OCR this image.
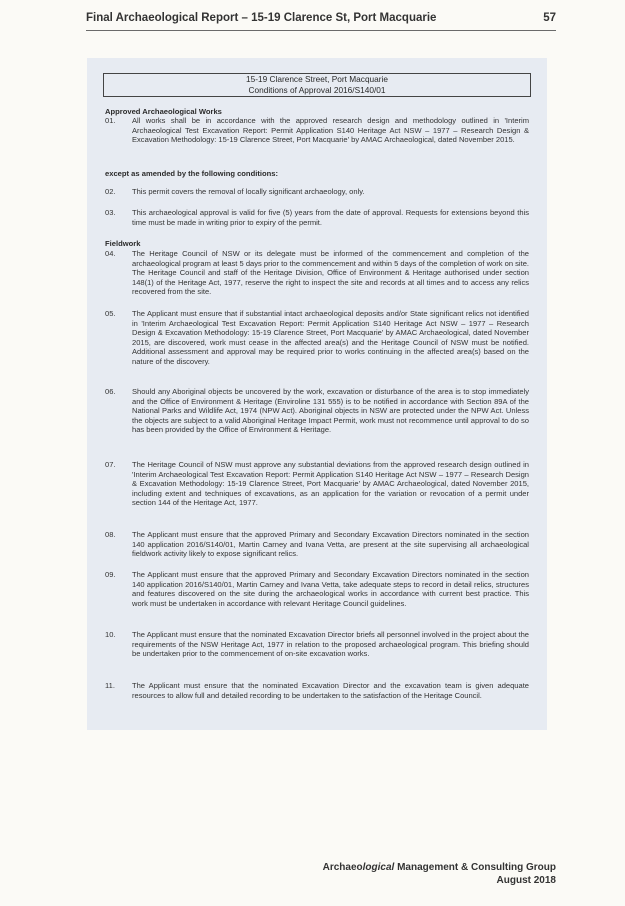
Final Archaeological Report – 15-19 Clarence St, Port Macquarie	57
15-19 Clarence Street, Port Macquarie
Conditions of Approval 2016/S140/01
Approved Archaeological Works
01.	All works shall be in accordance with the approved research design and methodology outlined in 'Interim Archaeological Test Excavation Report: Permit Application S140 Heritage Act NSW – 1977 – Research Design & Excavation Methodology: 15-19 Clarence Street, Port Macquarie' by AMAC Archaeological, dated November 2015.
except as amended by the following conditions:
02.	This permit covers the removal of locally significant archaeology, only.
03.	This archaeological approval is valid for five (5) years from the date of approval. Requests for extensions beyond this time must be made in writing prior to expiry of the permit.
Fieldwork
04.	The Heritage Council of NSW or its delegate must be informed of the commencement and completion of the archaeological program at least 5 days prior to the commencement and within 5 days of the completion of work on site. The Heritage Council and staff of the Heritage Division, Office of Environment & Heritage authorised under section 148(1) of the Heritage Act, 1977, reserve the right to inspect the site and records at all times and to access any relics recovered from the site.
05.	The Applicant must ensure that if substantial intact archaeological deposits and/or State significant relics not identified in 'Interim Archaeological Test Excavation Report: Permit Application S140 Heritage Act NSW – 1977 – Research Design & Excavation Methodology: 15-19 Clarence Street, Port Macquarie' by AMAC Archaeological, dated November 2015, are discovered, work must cease in the affected area(s) and the Heritage Council of NSW must be notified. Additional assessment and approval may be required prior to works continuing in the affected area(s) based on the nature of the discovery.
06.	Should any Aboriginal objects be uncovered by the work, excavation or disturbance of the area is to stop immediately and the Office of Environment & Heritage (Enviroline 131 555) is to be notified in accordance with Section 89A of the National Parks and Wildlife Act, 1974 (NPW Act). Aboriginal objects in NSW are protected under the NPW Act. Unless the objects are subject to a valid Aboriginal Heritage Impact Permit, work must not recommence until approval to do so has been provided by the Office of Environment & Heritage.
07.	The Heritage Council of NSW must approve any substantial deviations from the approved research design outlined in 'Interim Archaeological Test Excavation Report: Permit Application S140 Heritage Act NSW – 1977 – Research Design & Excavation Methodology: 15-19 Clarence Street, Port Macquarie' by AMAC Archaeological, dated November 2015, including extent and techniques of excavations, as an application for the variation or revocation of a permit under section 144 of the Heritage Act, 1977.
08.	The Applicant must ensure that the approved Primary and Secondary Excavation Directors nominated in the section 140 application 2016/S140/01, Martin Carney and Ivana Vetta, are present at the site supervising all archaeological fieldwork activity likely to expose significant relics.
09.	The Applicant must ensure that the approved Primary and Secondary Excavation Directors nominated in the section 140 application 2016/S140/01, Martin Carney and Ivana Vetta, take adequate steps to record in detail relics, structures and features discovered on the site during the archaeological works in accordance with current best practice. This work must be undertaken in accordance with relevant Heritage Council guidelines.
10.	The Applicant must ensure that the nominated Excavation Director briefs all personnel involved in the project about the requirements of the NSW Heritage Act, 1977 in relation to the proposed archaeological program. This briefing should be undertaken prior to the commencement of on-site excavation works.
11.	The Applicant must ensure that the nominated Excavation Director and the excavation team is given adequate resources to allow full and detailed recording to be undertaken to the satisfaction of the Heritage Council.
Archaeological Management & Consulting Group
August 2018
